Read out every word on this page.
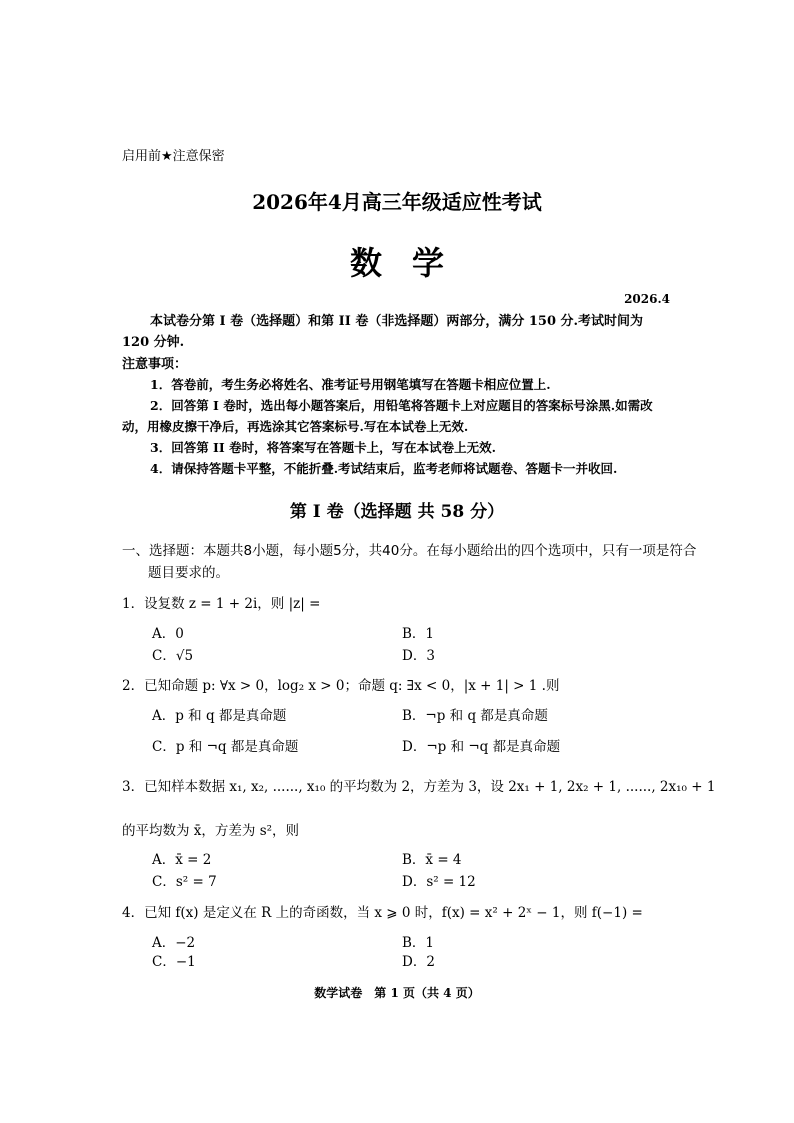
启用前★注意保密
2026年4月高三年级适应性考试
数学
2026.4
本试卷分第 I 卷（选择题）和第 II 卷（非选择题）两部分，满分 150 分.考试时间为 120 分钟.
注意事项：
1．答卷前，考生务必将姓名、准考证号用钢笔填写在答题卡相应位置上.
2．回答第 I 卷时，选出每小题答案后，用铅笔将答题卡上对应题目的答案标号涂黑.如需改动，用橡皮擦干净后，再选涂其它答案标号.写在本试卷上无效.
3．回答第 II 卷时，将答案写在答题卡上，写在本试卷上无效.
4．请保持答题卡平整，不能折叠.考试结束后，监考老师将试题卷、答题卡一并收回.
第 I 卷（选择题 共 58 分）
一、选择题：本题共8小题，每小题5分，共40分。在每小题给出的四个选项中，只有一项是符合题目要求的。
1．设复数 z = 1 + 2i，则 |z| =
A．0	B．1
C．√5	D．3
2．已知命题 p: ∀x > 0，log₂ x > 0；命题 q: ∃x < 0，|x + 1| > 1 .则
A．p 和 q 都是真命题	B．¬p 和 q 都是真命题
C．p 和 ¬q 都是真命题	D．¬p 和 ¬q 都是真命题
3．已知样本数据 x₁, x₂, ......, x₁₀ 的平均数为 2，方差为 3，设 2x₁ + 1, 2x₂ + 1, ......, 2x₁₀ + 1
的平均数为 x̄，方差为 s²，则
A．x̄ = 2	B．x̄ = 4
C．s² = 7	D．s² = 12
4．已知 f(x) 是定义在 R 上的奇函数，当 x ⩾ 0 时，f(x) = x² + 2ˣ − 1，则 f(−1) =
A．−2	B．1
C．−1	D．2
数学试卷　第 1 页（共 4 页）
